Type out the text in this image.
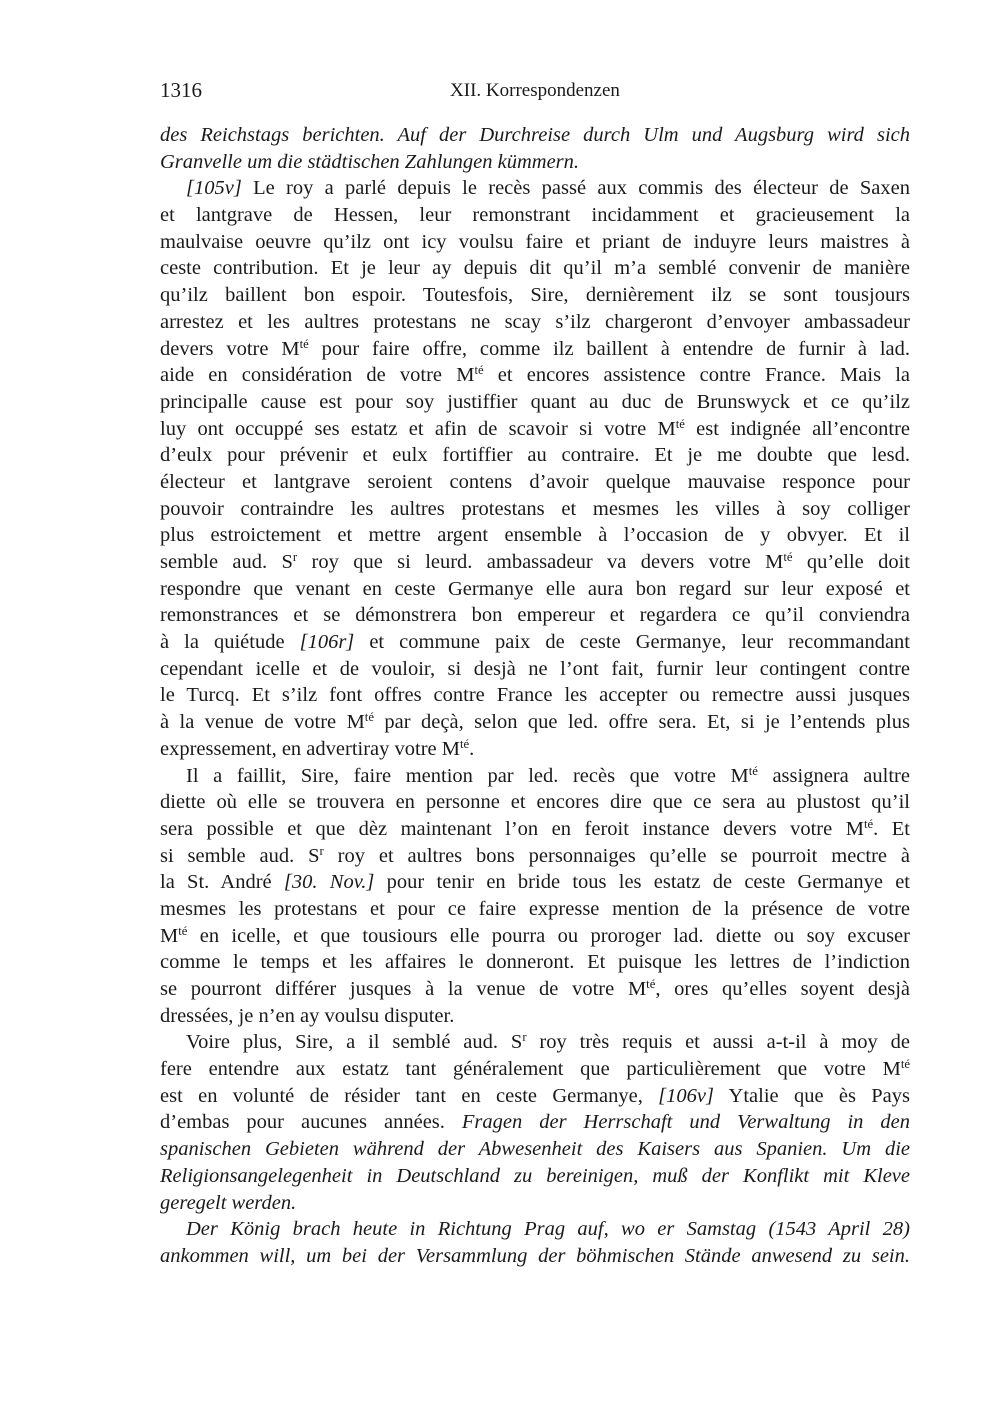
1316	XII. Korrespondenzen
des Reichstags berichten. Auf der Durchreise durch Ulm und Augsburg wird sich
Granvelle um die städtischen Zahlungen kümmern.
[105v] Le roy a parlé depuis le recès passé aux commis des électeur de Saxen
et lantgrave de Hessen, leur remonstrant incidamment et gracieusement la
maulvaise oeuvre qu’ilz ont icy voulsu faire et priant de induyre leurs maistres à
ceste contribution. Et je leur ay depuis dit qu’il m’a semblé convenir de manière
qu’ilz baillent bon espoir. Toutesfois, Sire, dernièrement ilz se sont tousjours
arrestez et les aultres protestans ne scay s’ilz chargeront d’envoyer ambassadeur
devers votre $M^{té}$ pour faire offre, comme ilz baillent à entendre de furnir à lad.
aide en considération de votre $M^{té}$ et encores assistence contre France. Mais la
principalle cause est pour soy justiffier quant au duc de Brunswyck et ce qu’ilz
luy ont occuppé ses estatz et afin de scavoir si votre $M^{té}$ est indignée all’encontre
d’eulx pour prévenir et eulx fortiffier au contraire. Et je me doubte que lesd.
électeur et lantgrave seroient contens d’avoir quelque mauvaise responce pour
pouvoir contraindre les aultres protestans et mesmes les villes à soy colliger
plus estroictement et mettre argent ensemble à l’occasion de y obvyer. Et il
semble aud. $S^r$ roy que si leurd. ambassadeur va devers votre $M^{té}$ qu’elle doit
respondre que venant en ceste Germanye elle aura bon regard sur leur exposé et
remonstrances et se démonstrera bon empereur et regardera ce qu’il conviendra
à la quiétude [106r] et commune paix de ceste Germanye, leur recommandant
cependant icelle et de vouloir, si desjà ne l’ont fait, furnir leur contingent contre
le Turcq. Et s’ilz font offres contre France les accepter ou remectre aussi jusques
à la venue de votre $M^{té}$ par deçà, selon que led. offre sera. Et, si je l’entends plus
expressement, en advertiray votre $M^{té}$.
Il a faillit, Sire, faire mention par led. recès que votre $M^{té}$ assignera aultre
diette où elle se trouvera en personne et encores dire que ce sera au plustost qu’il
sera possible et que dèz maintenant l’on en feroit instance devers votre $M^{té}$. Et
si semble aud. $S^r$ roy et aultres bons personnaiges qu’elle se pourroit mectre à
la St. André [30. Nov.] pour tenir en bride tous les estatz de ceste Germanye et
mesmes les protestans et pour ce faire expresse mention de la présence de votre
$M^{té}$ en icelle, et que tousiours elle pourra ou proroger lad. diette ou soy excuser
comme le temps et les affaires le donneront. Et puisque les lettres de l’indiction
se pourront différer jusques à la venue de votre $M^{té}$, ores qu’elles soyent desjà
dressées, je n’en ay voulsu disputer.
Voire plus, Sire, a il semblé aud. $S^r$ roy très requis et aussi a-t-il à moy de
fere entendre aux estatz tant généralement que particulièrement que votre $M^{té}$
est en volunté de résider tant en ceste Germanye, [106v] Ytalie que ès Pays
d’embas pour aucunes années. Fragen der Herrschaft und Verwaltung in den
spanischen Gebieten während der Abwesenheit des Kaisers aus Spanien. Um die
Religionsangelegenheit in Deutschland zu bereinigen, muß der Konflikt mit Kleve
geregelt werden.
Der König brach heute in Richtung Prag auf, wo er Samstag (1543 April 28)
ankommen will, um bei der Versammlung der böhmischen Stände anwesend zu sein.
